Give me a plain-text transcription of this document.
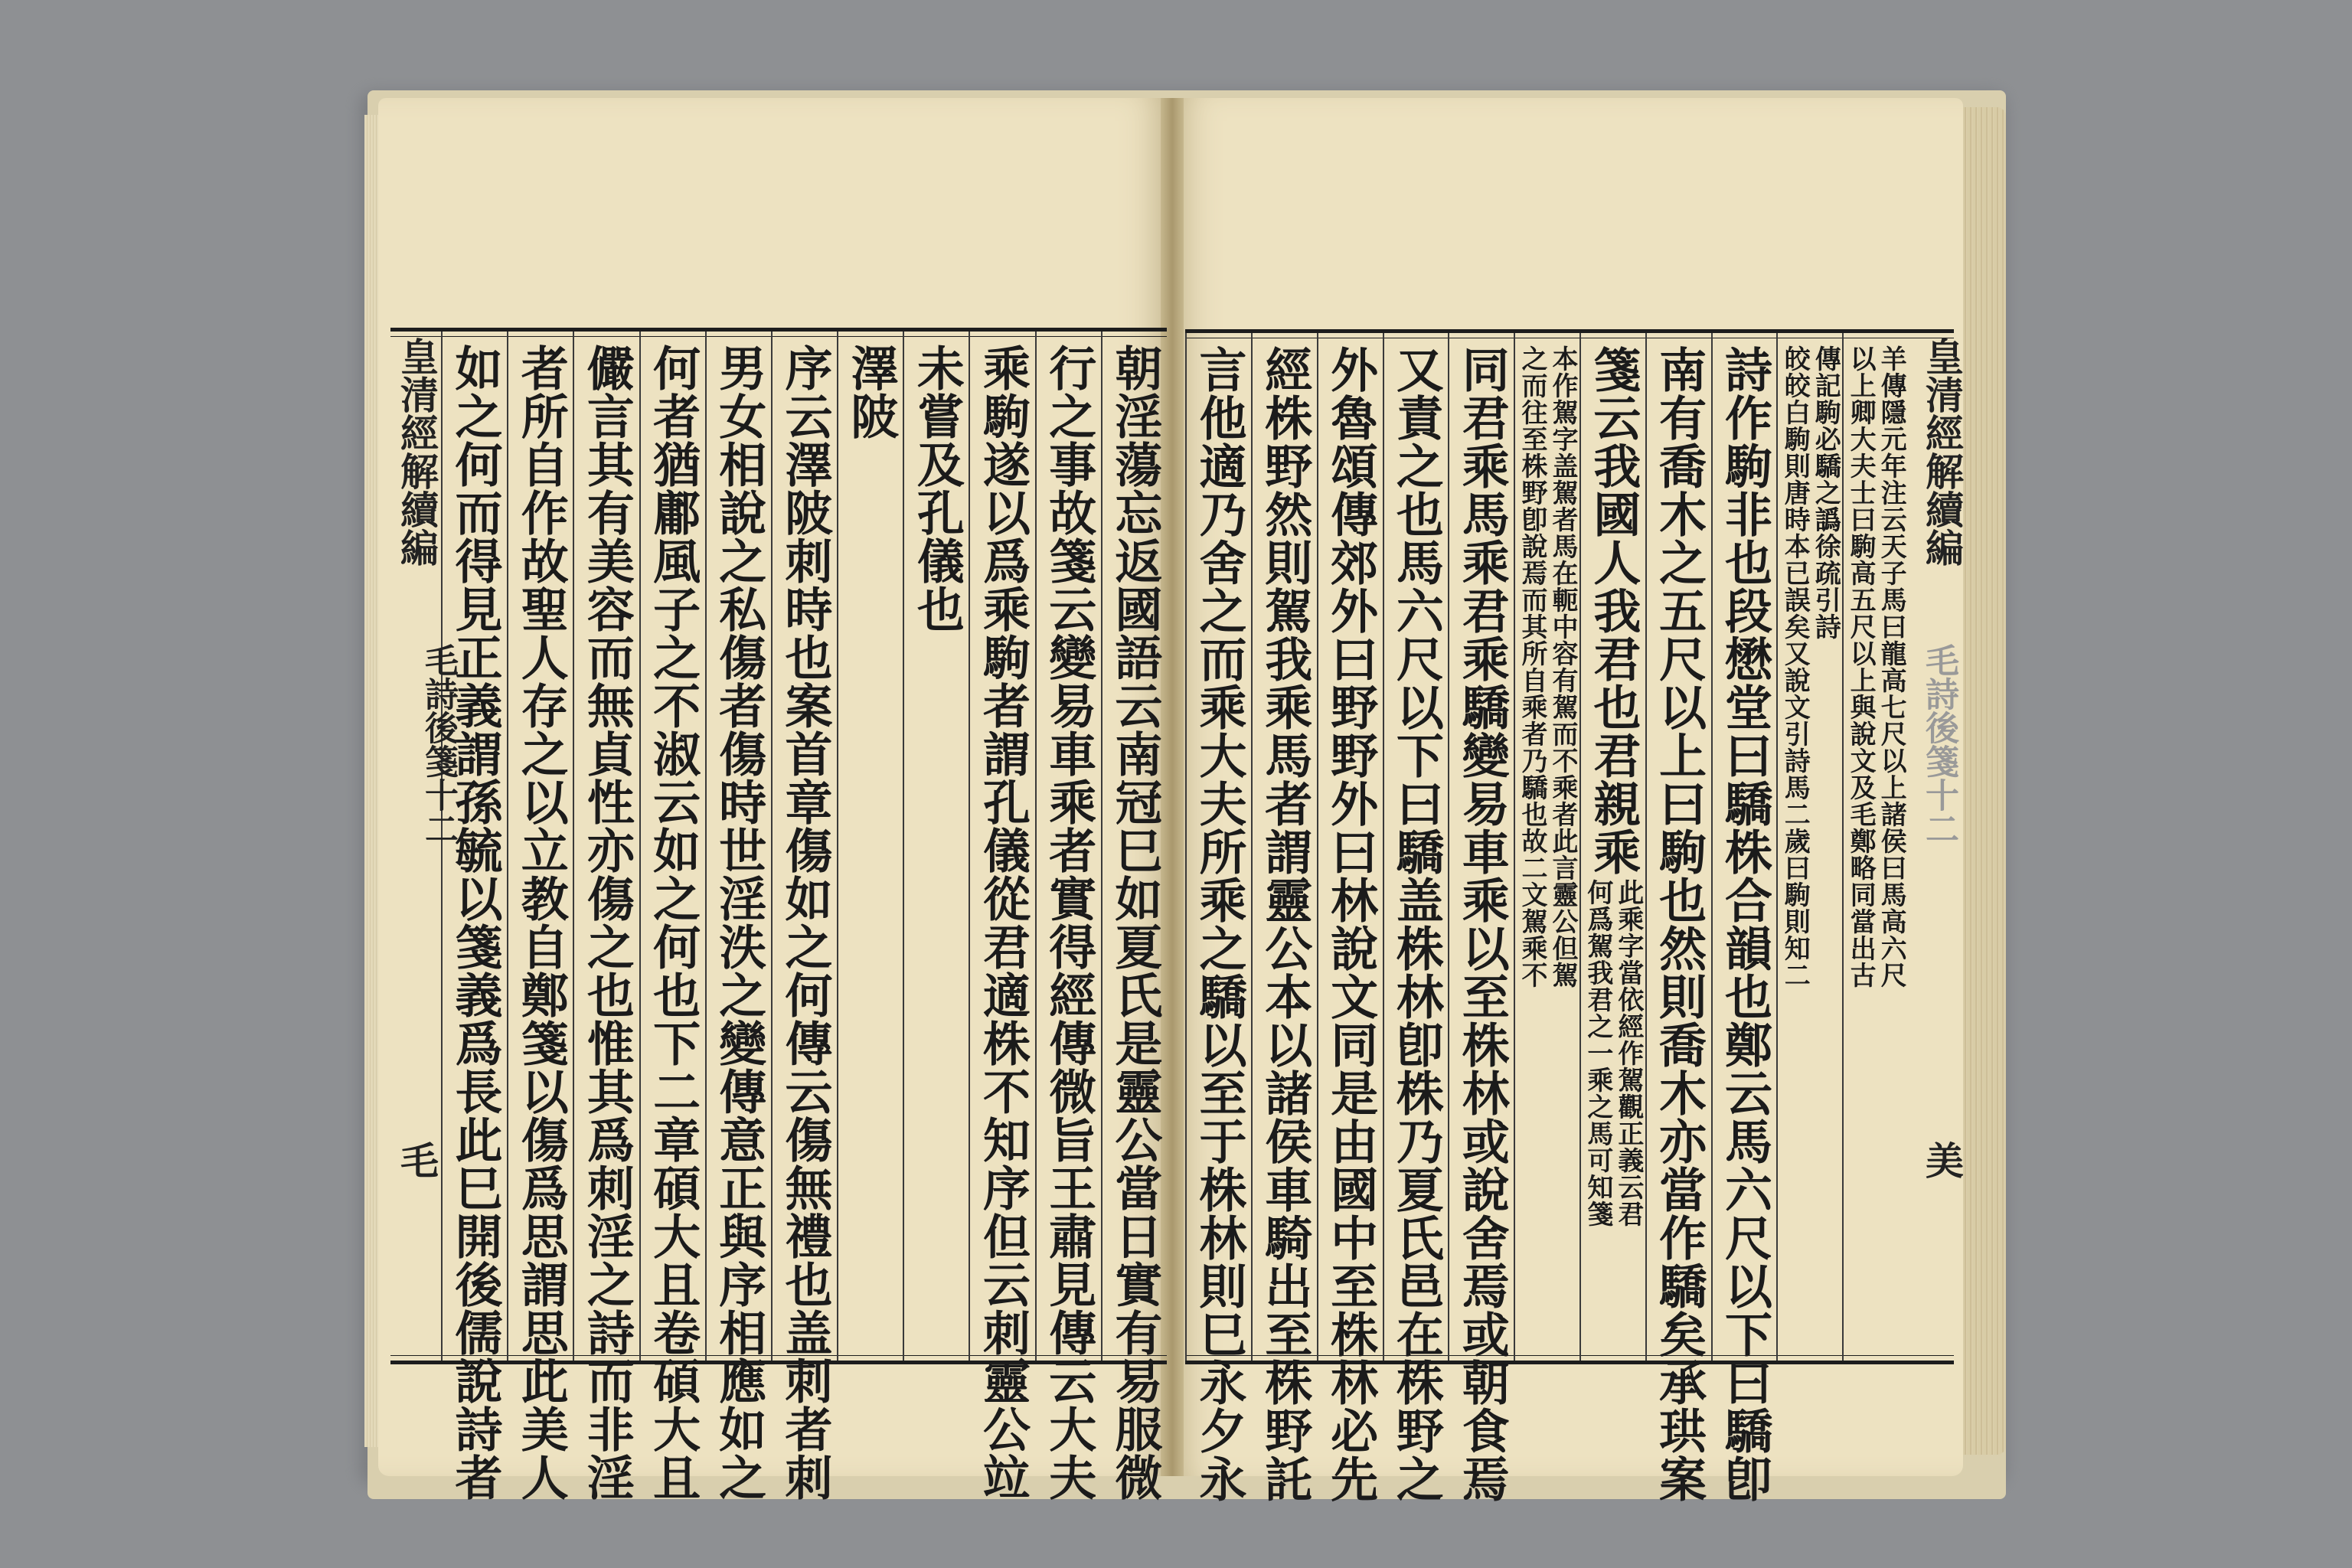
朝淫蕩忘返國語云南冠巳如夏氏是靈公當日實有易服微
行之事故箋云變易車乘者實得經傳微旨王肅見傳云大夫
乘駒遂以爲乘駒者謂孔儀從君適株不知序但云刺靈公竝
未嘗及孔儀也
澤陂
序云澤陂刺時也案首章傷如之何傳云傷無禮也盖刺者刺
男女相說之私傷者傷時世淫泆之變傳意正與序相應如之
何者猶鄘風子之不淑云如之何也下二章碩大且卷碩大且
儼言其有美容而無貞性亦傷之也惟其爲刺淫之詩而非淫
者所自作故聖人存之以立教自鄭箋以傷爲思謂思此美人
如之何而得見正義謂孫毓以箋義爲長此巳開後儒說詩者
皇清經解續編
毛詩後箋十二
毛
羊傳隱元年注云天子馬曰龍高七尺以上諸侯曰馬高六尺
以上卿大夫士曰駒高五尺以上與說文及毛鄭略同當出古
傳記駒必驕之譌徐疏引詩
皎皎白駒則唐時本已誤矣又說文引詩馬二歲曰駒則知二
詩作駒非也段懋堂曰驕株合韻也鄭云馬六尺以下曰驕卽
南有喬木之五尺以上曰駒也然則喬木亦當作驕矣承珙案
箋云我國人我君也君親乘
此乘字當依經作駕觀正義云君
何爲駕我君之一乘之馬可知箋
本作駕字盖駕者馬在軛中容有駕而不乘者此言靈公但駕
之而往至株野卽說焉而其所自乘者乃驕也故二文駕乘不
同君乘馬乘君乘驕變易車乘以至株林或說舍焉或朝食焉
又責之也馬六尺以下曰驕盖株林卽株乃夏氏邑在株野之
外魯頌傳郊外曰野野外曰林說文同是由國中至株林必先
經株野然則駕我乘馬者謂靈公本以諸侯車騎出至株野託
言他適乃舍之而乘大夫所乘之驕以至于株林則巳永夕永	皇清經解續編
毛詩後箋十二
美
